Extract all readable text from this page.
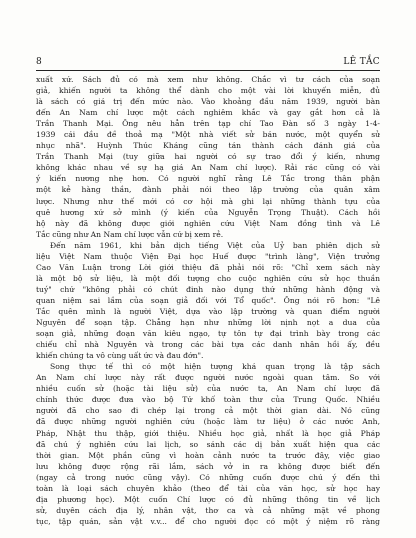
8	LÊ TẮC
xuất xứ. Sách đủ có mà xem như không. Chắc vì tư cách của soạn
giả, khiến người ta không thể dành cho một vài lời khuyến miễn, đủ
là sách có giá trị đến mức nào. Vào khoảng đầu năm 1939, người bàn
đến An Nam chí lược một cách nghiêm khắc và gay gắt hơn cả là
Trần Thanh Mại. Ông nêu hẳn trên tạp chí Tao Đàn số 3 ngày 1-4-
1939 cái đầu đề thoả mạ "Một nhà viết sử bán nước, một quyển sử
nhục nhã". Huỳnh Thúc Kháng cũng tán thành cách đánh giá của
Trần Thanh Mại (tuy giữa hai người có sự trao đổi ý kiến, nhưng
không khác nhau về sự hạ giá An Nam chí lược). Rải rác cũng có vài
ý kiến nương nhẹ hơn. Có người nghĩ rằng Lê Tắc trong thân phận
một kẻ hàng thần, đành phải nói theo lập trường của quân xâm
lược. Nhưng như thế mới có cơ hội mà ghi lại những thành tựu của
quê hương xứ sở mình (ý kiến của Nguyễn Trọng Thuật). Cách hồi
hộ này đã không được giới nghiên cứu Việt Nam đồng tình và Lê
Tắc cũng như An Nam chí lược vẫn cứ bị xem rẻ.
Đến năm 1961, khi bản dịch tiếng Việt của Uỷ ban phiên dịch sử
liệu Việt Nam thuộc Viện Đại học Huế được "trình làng", Viện trưởng
Cao Văn Luận trong Lời giới thiệu đã phải nói rõ: "Chỉ xem sách này
là một bộ sử liệu, là một đối tượng cho cuộc nghiên cứu sử học thuần
tuý" chứ "không phải có chút đinh nào dụng thứ những hành động và
quan niệm sai lầm của soạn giả đối với Tổ quốc". Ông nói rõ hơn: "Lê
Tắc quên mình là người Việt, dựa vào lập trường và quan điểm người
Nguyên để soạn tập. Chẳng hạn như những lời nịnh nọt a dua của
soạn giả, những đoạn văn kiêu ngạo, tự tôn tự đại trình bày trong các
chiếu chỉ nhà Nguyên và trong các bài tựa các danh nhân hồi ấy, đều
khiến chúng ta vô cùng uất ức và đau đớn".
Song thực tế thì có một hiện tượng khá quan trọng là tập sách
An Nam chí lược này rất được người nước ngoài quan tâm. So với
nhiều cuốn sử (hoặc tài liệu sử) của nước ta, An Nam chí lược đã
chính thức được đưa vào bộ Tứ khố toàn thư của Trung Quốc. Nhiều
người đã cho sao đi chép lại trong cả một thời gian dài. Nó cũng
đã được những người nghiên cứu (hoặc làm tư liệu) ở các nước Anh,
Pháp, Nhật thu thập, giới thiệu. Nhiều học giả, nhất là học giả Pháp
đã chú ý nghiên cứu lai lịch, so sánh các dị bản xuất hiện qua các
thời gian. Một phần cũng vì hoàn cảnh nước ta trước đây, việc giao
lưu không được rộng rãi lắm, sách vở in ra không được biết đến
(ngay cả trong nước cũng vậy). Có những cuốn được chú ý đến thì
toàn là loại sách chuyên khảo (theo để tài của văn học, sử học hay
địa phương học). Một cuốn Chí lược có đủ những thông tin về lịch
sử, duyên cách địa lý, nhân vật, thơ ca và cả những mặt về phong
tục, tập quán, sản vật v.v... để cho người đọc có một ý niệm rõ ràng
